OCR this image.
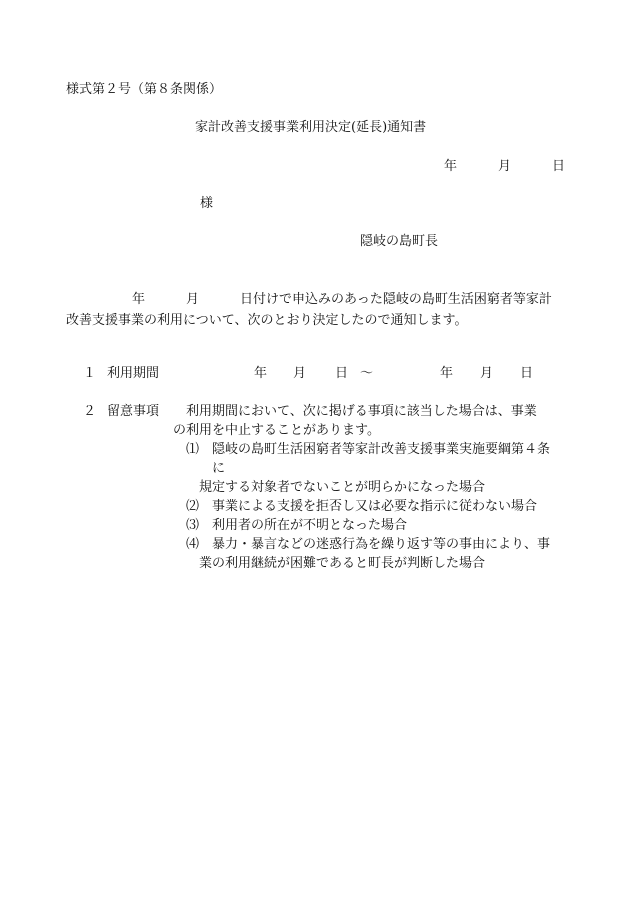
様式第２号（第８条関係）
家計改善支援事業利用決定(延長)通知書
年	月	日
様
隠岐の島町長
年	月	日付けで申込みのあった隠岐の島町生活困窮者等家計
改善支援事業の利用について、次のとおり決定したので通知します。
１ 利用期間	年 月 日 ～	年 月 日
２ 留意事項 利用期間において、次に掲げる事項に該当した場合は、事業
の利用を中止することがあります。
⑴ 隠岐の島町生活困窮者等家計改善支援事業実施要綱第４条
に
規定する対象者でないことが明らかになった場合
⑵ 事業による支援を拒否し又は必要な指示に従わない場合
⑶ 利用者の所在が不明となった場合
⑷ 暴力・暴言などの迷惑行為を繰り返す等の事由により、事
業の利用継続が困難であると町長が判断した場合
